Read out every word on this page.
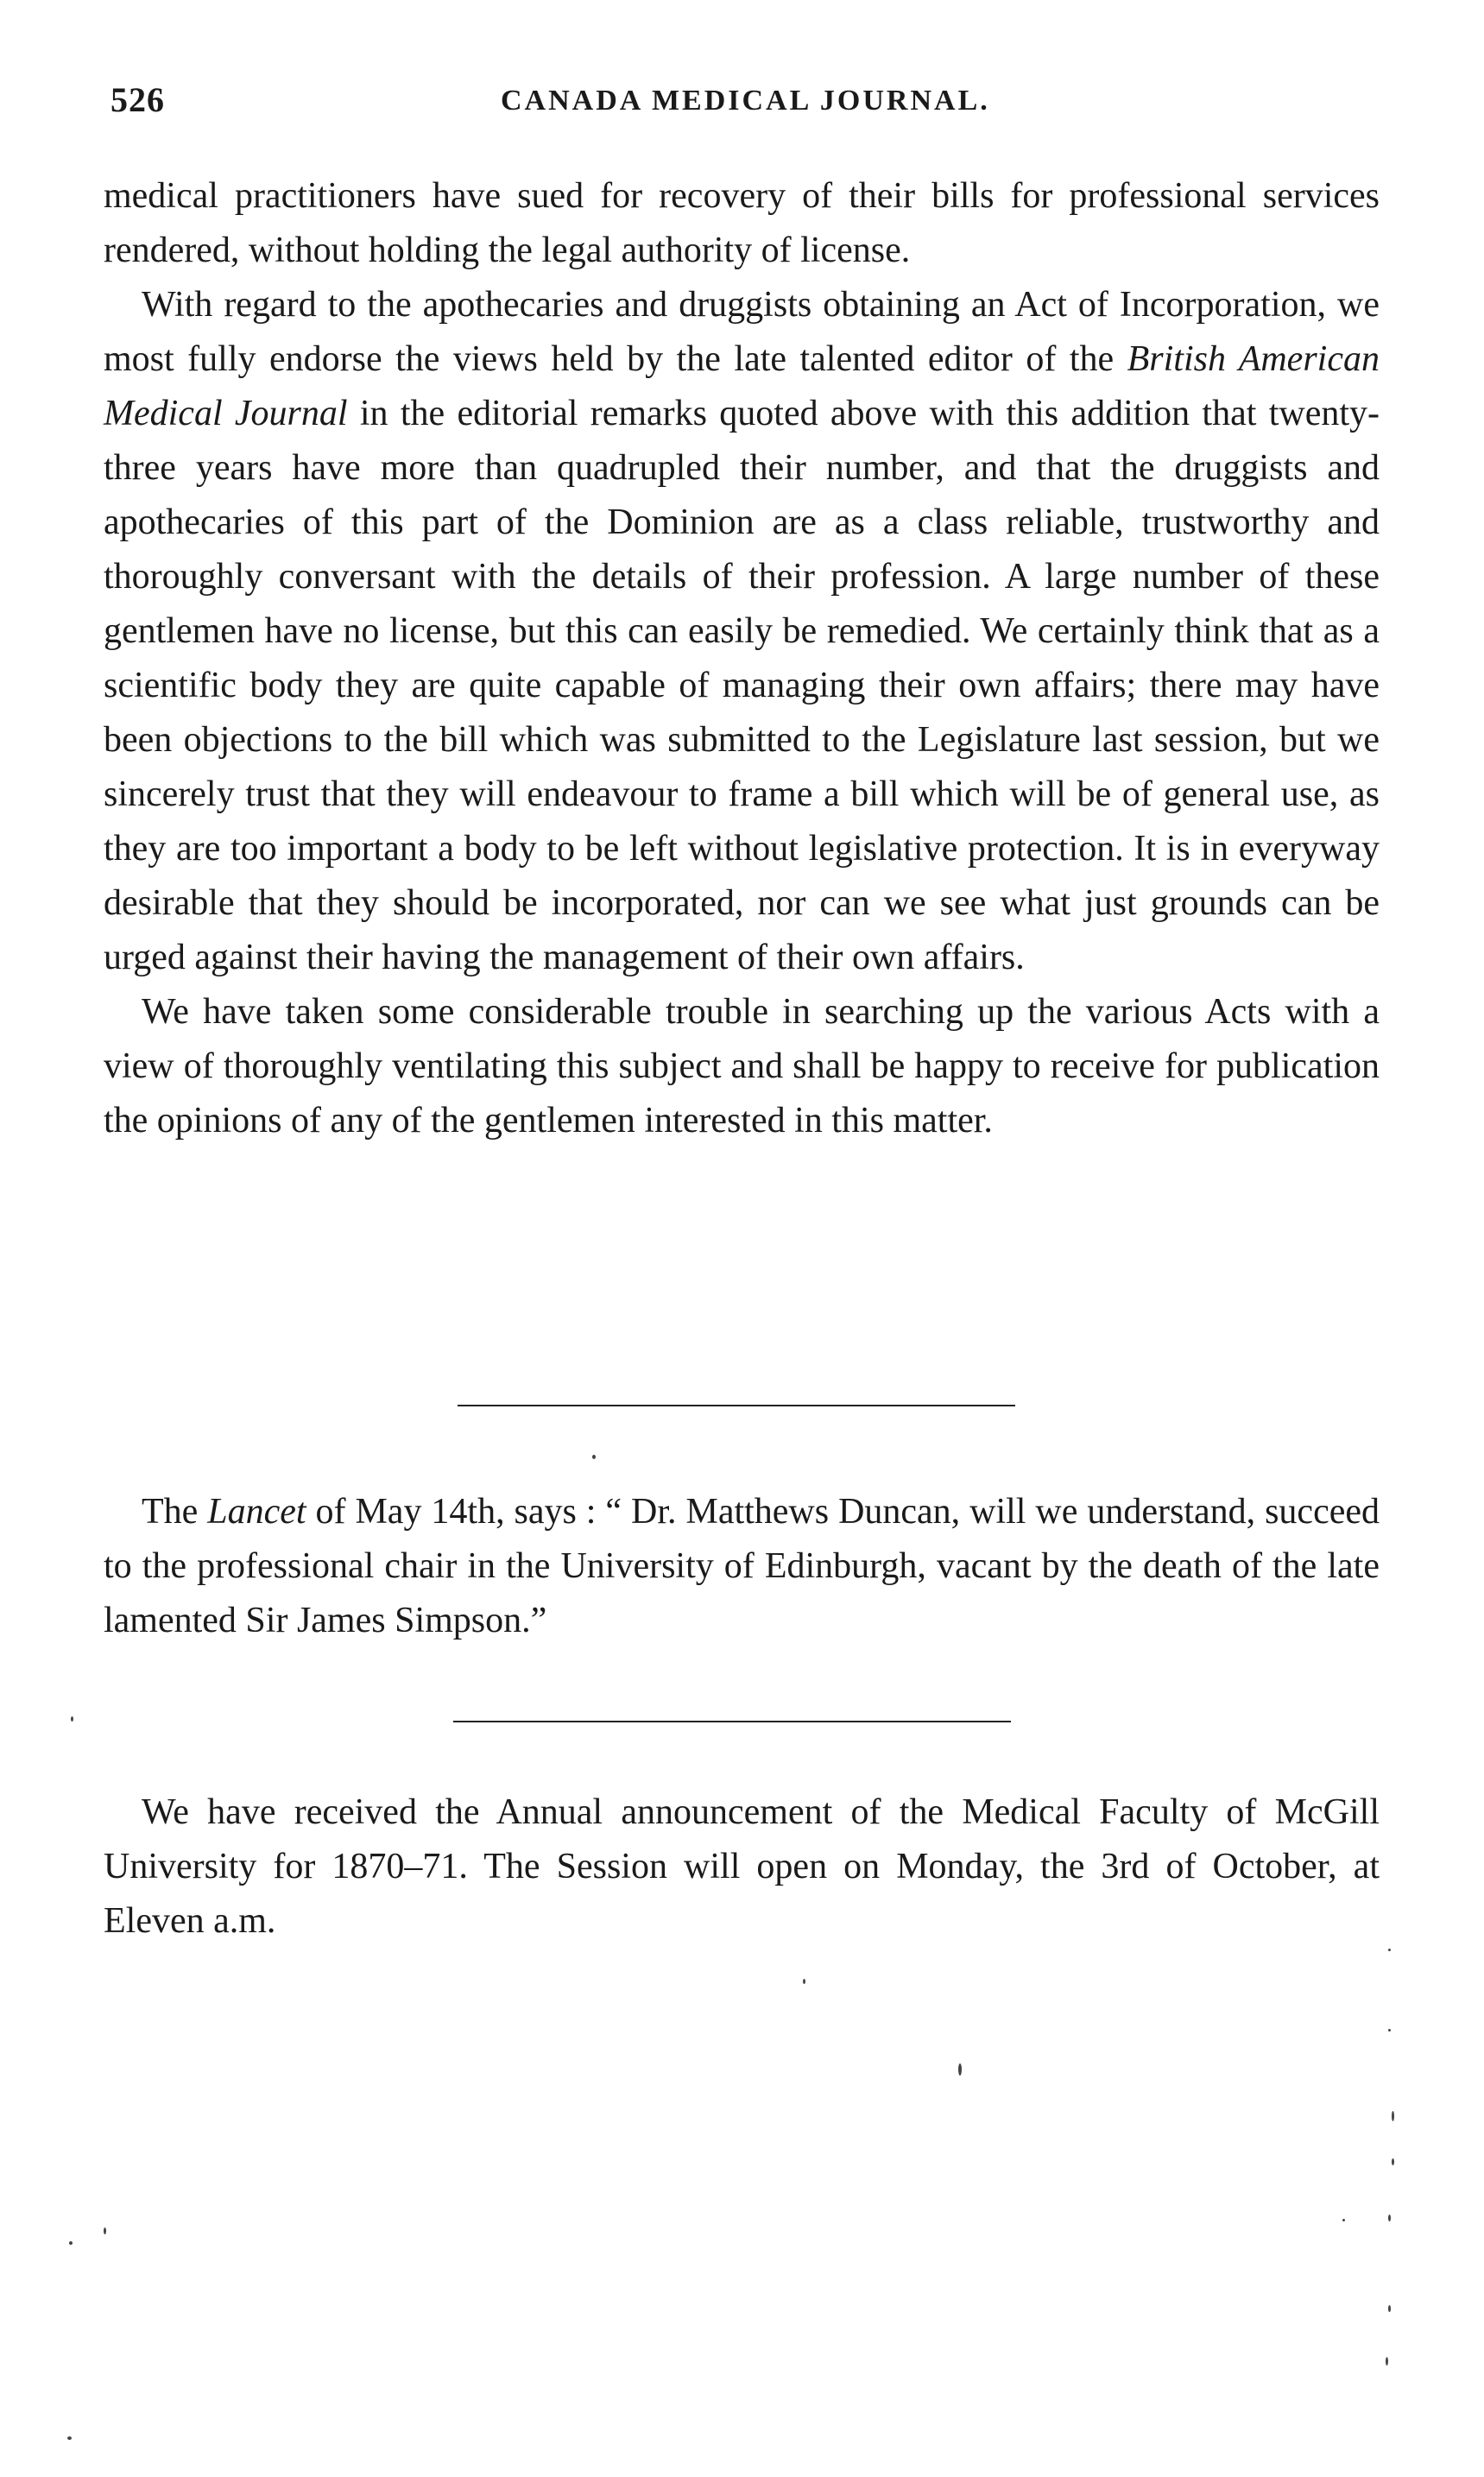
526	CANADA MEDICAL JOURNAL.

medical practitioners have sued for recovery of their bills for professional services rendered, without holding the legal authority of license.

With regard to the apothecaries and druggists obtaining an Act of Incorporation, we most fully endorse the views held by the late talented editor of the British American Medical Journal in the editorial remarks quoted above with this addition that twenty-three years have more than quadrupled their number, and that the druggists and apothecaries of this part of the Dominion are as a class reliable, trustworthy and thoroughly conversant with the details of their profession. A large number of these gentlemen have no license, but this can easily be remedied. We certainly think that as a scientific body they are quite capable of managing their own affairs; there may have been objections to the bill which was submitted to the Legislature last session, but we sincerely trust that they will endeavour to frame a bill which will be of general use, as they are too important a body to be left without legislative protection. It is in everyway desirable that they should be incorporated, nor can we see what just grounds can be urged against their having the management of their own affairs.

We have taken some considerable trouble in searching up the various Acts with a view of thoroughly ventilating this subject and shall be happy to receive for publication the opinions of any of the gentlemen interested in this matter.

The Lancet of May 14th, says : “ Dr. Matthews Duncan, will we understand, succeed to the professional chair in the University of Edinburgh, vacant by the death of the late lamented Sir James Simpson.”

We have received the Annual announcement of the Medical Faculty of McGill University for 1870–71. The Session will open on Monday, the 3rd of October, at Eleven a.m.
